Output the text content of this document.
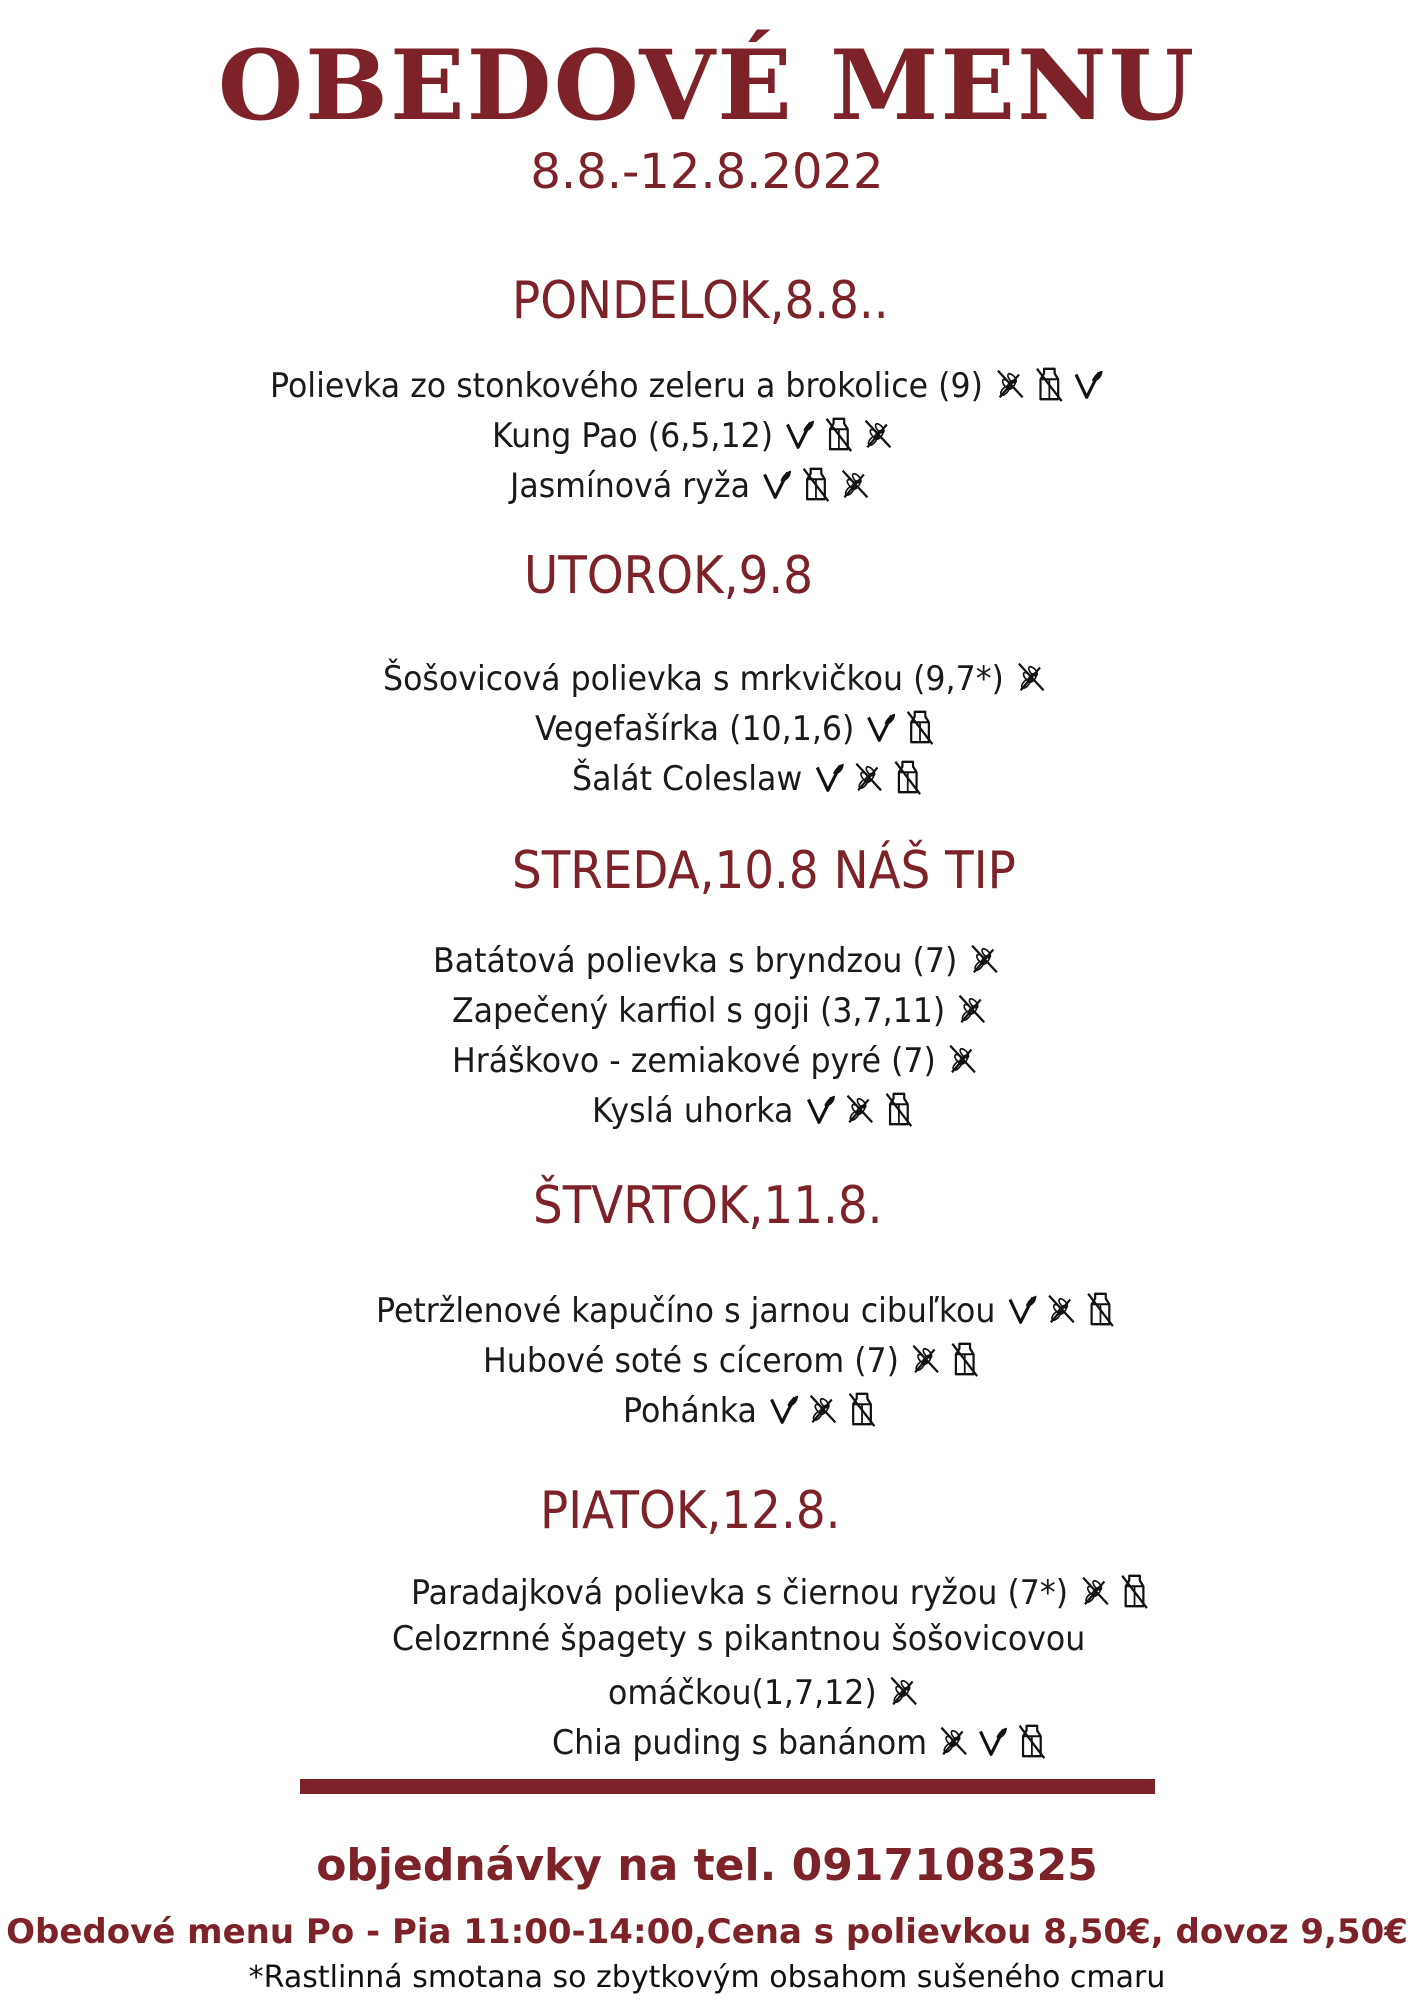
OBEDOVÉ MENU
8.8.-12.8.2022
PONDELOK,8.8..
Polievka zo stonkového zeleru a brokolice (9)
Kung Pao (6,5,12)
Jasmínová ryža
UTOROK,9.8
Šošovicová polievka s mrkvičkou (9,7*)
Vegefašírka (10,1,6)
Šalát Coleslaw
STREDA,10.8 NÁŠ TIP
Batátová polievka s bryndzou (7)
Zapečený karfiol s goji (3,7,11)
Hráškovo - zemiakové pyré (7)
Kyslá uhorka
ŠTVRTOK,11.8.
Petržlenové kapučíno s jarnou cibuľkou
Hubové soté s cícerom (7)
Pohánka
PIATOK,12.8.
Paradajková polievka s čiernou ryžou (7*)
Celozrnné špagety s pikantnou šošovicovou
omáčkou(1,7,12)
Chia puding s banánom
objednávky na tel. 0917108325
Obedové menu Po - Pia 11:00-14:00,Cena s polievkou 8,50€, dovoz 9,50€
*Rastlinná smotana so zbytkovým obsahom sušeného cmaru
